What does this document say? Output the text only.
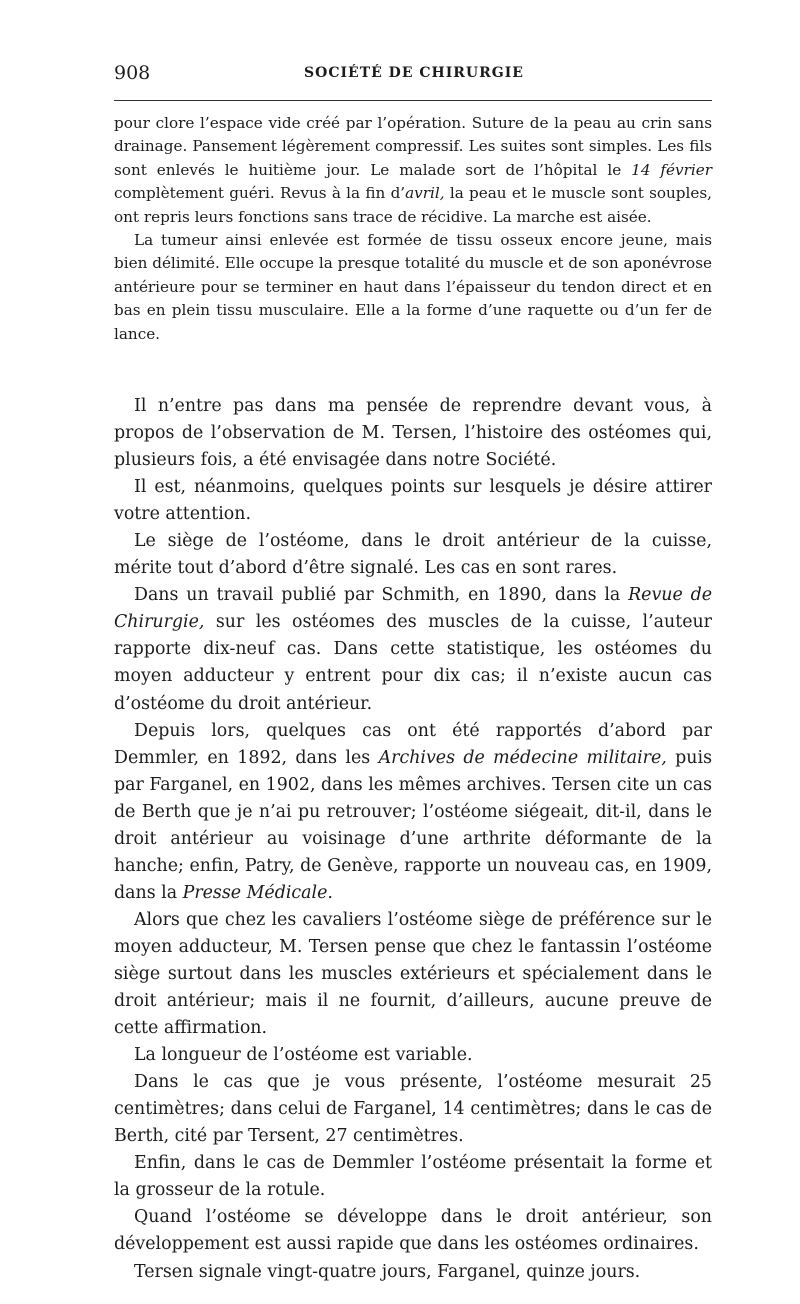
908	SOCIÉTÉ DE CHIRURGIE

pour clore l’espace vide créé par l’opération. Suture de la peau au crin sans drainage. Pansement légèrement compressif. Les suites sont simples. Les fils sont enlevés le huitième jour. Le malade sort de l’hôpital le 14 février complètement guéri. Revus à la fin d’avril, la peau et le muscle sont souples, ont repris leurs fonctions sans trace de récidive. La marche est aisée.

La tumeur ainsi enlevée est formée de tissu osseux encore jeune, mais bien délimité. Elle occupe la presque totalité du muscle et de son aponévrose antérieure pour se terminer en haut dans l’épaisseur du tendon direct et en bas en plein tissu musculaire. Elle a la forme d’une raquette ou d’un fer de lance.

Il n’entre pas dans ma pensée de reprendre devant vous, à propos de l’observation de M. Tersen, l’histoire des ostéomes qui, plusieurs fois, a été envisagée dans notre Société.

Il est, néanmoins, quelques points sur lesquels je désire attirer votre attention.

Le siège de l’ostéome, dans le droit antérieur de la cuisse, mérite tout d’abord d’être signalé. Les cas en sont rares.

Dans un travail publié par Schmith, en 1890, dans la Revue de Chirurgie, sur les ostéomes des muscles de la cuisse, l’auteur rapporte dix-neuf cas. Dans cette statistique, les ostéomes du moyen adducteur y entrent pour dix cas; il n’existe aucun cas d’ostéome du droit antérieur.

Depuis lors, quelques cas ont été rapportés d’abord par Demmler, en 1892, dans les Archives de médecine militaire, puis par Farganel, en 1902, dans les mêmes archives. Tersen cite un cas de Berth que je n’ai pu retrouver; l’ostéome siégeait, dit-il, dans le droit antérieur au voisinage d’une arthrite déformante de la hanche; enfin, Patry, de Genève, rapporte un nouveau cas, en 1909, dans la Presse Médicale.

Alors que chez les cavaliers l’ostéome siège de préférence sur le moyen adducteur, M. Tersen pense que chez le fantassin l’ostéome siège surtout dans les muscles extérieurs et spécialement dans le droit antérieur; mais il ne fournit, d’ailleurs, aucune preuve de cette affirmation.

La longueur de l’ostéome est variable.

Dans le cas que je vous présente, l’ostéome mesurait 25 centimètres; dans celui de Farganel, 14 centimètres; dans le cas de Berth, cité par Tersent, 27 centimètres.

Enfin, dans le cas de Demmler l’ostéome présentait la forme et la grosseur de la rotule.

Quand l’ostéome se développe dans le droit antérieur, son développement est aussi rapide que dans les ostéomes ordinaires.

Tersen signale vingt-quatre jours, Farganel, quinze jours.
